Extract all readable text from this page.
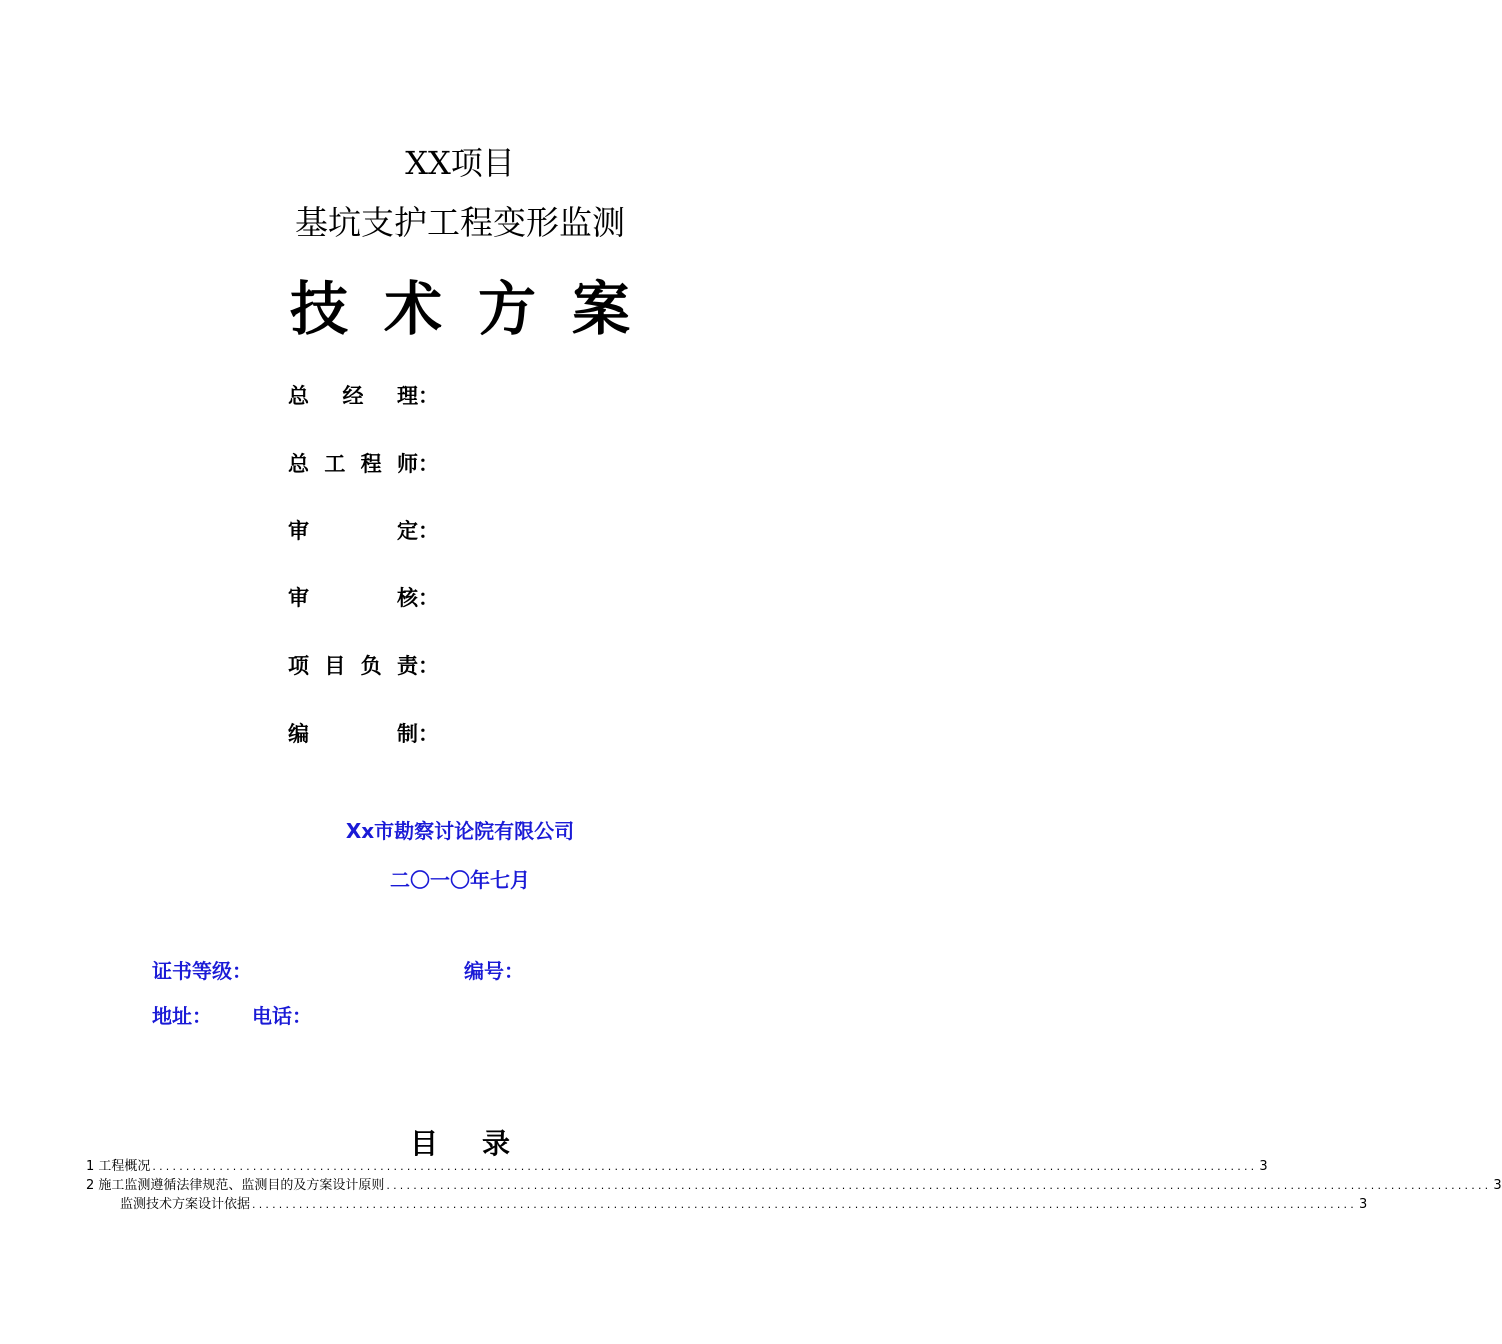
XX项目
基坑支护工程变形监测
技术方案
总经理：
总工程师：
审定：
审核：
项目负责：
编制：
Xx市勘察讨论院有限公司
二〇一〇年七月
证书等级：	编号：
地址： 电话：
目录
1 工程概况 ..................................................................................................................................................................... 3
2 施工监测遵循法律规范、监测目的及方案设计原则 ..................................................................................................................................................................... 3
监测技术方案设计依据 ..................................................................................................................................................................... 3
